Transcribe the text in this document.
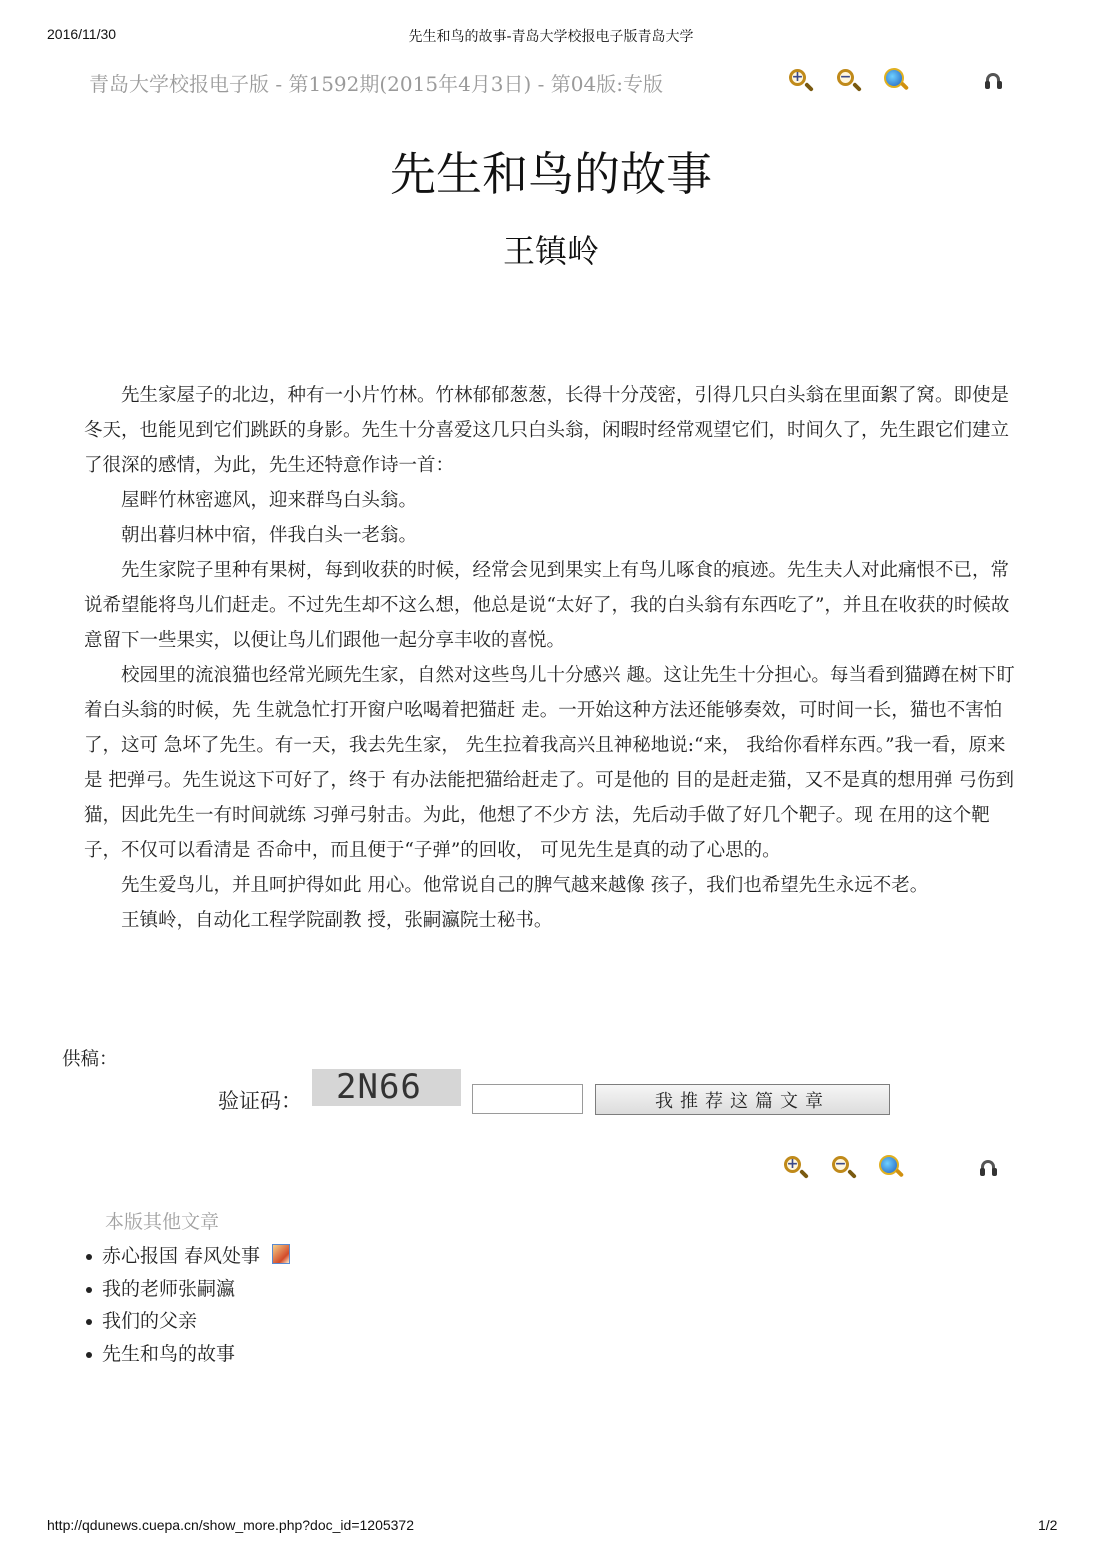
2016/11/30	先生和鸟的故事-青岛大学校报电子版青岛大学
青岛大学校报电子版 - 第1592期(2015年4月3日) - 第04版:专版	+	−
先生和鸟的故事
王镇岭

先生家屋子的北边，种有一小片竹林。竹林郁郁葱葱，长得十分茂密，引得几只白头翁在里面絮了窝。即使是冬天，也能见到它们跳跃的身影。先生十分喜爱这几只白头翁，闲暇时经常观望它们，时间久了，先生跟它们建立了很深的感情，为此，先生还特意作诗一首：

屋畔竹林密遮风，迎来群鸟白头翁。

朝出暮归林中宿，伴我白头一老翁。

先生家院子里种有果树，每到收获的时候，经常会见到果实上有鸟儿啄食的痕迹。先生夫人对此痛恨不已，常说希望能将鸟儿们赶走。不过先生却不这么想，他总是说“太好了，我的白头翁有东西吃了”，并且在收获的时候故意留下一些果实，以便让鸟儿们跟他一起分享丰收的喜悦。

校园里的流浪猫也经常光顾先生家，自然对这些鸟儿十分感兴 趣。这让先生十分担心。每当看到猫蹲在树下盯着白头翁的时候，先 生就急忙打开窗户吆喝着把猫赶 走。一开始这种方法还能够奏效，可时间一长，猫也不害怕了，这可 急坏了先生。有一天，我去先生家， 先生拉着我高兴且神秘地说:“来， 我给你看样东西。”我一看，原来是 把弹弓。先生说这下可好了，终于 有办法能把猫给赶走了。可是他的 目的是赶走猫，又不是真的想用弹 弓伤到猫，因此先生一有时间就练 习弹弓射击。为此，他想了不少方 法，先后动手做了好几个靶子。现 在用的这个靶子，不仅可以看清是 否命中，而且便于“子弹”的回收， 可见先生是真的动了心思的。

先生爱鸟儿，并且呵护得如此 用心。他常说自己的脾气越来越像 孩子，我们也希望先生永远不老。

王镇岭，自动化工程学院副教 授，张嗣瀛院士秘书。

供稿：
验证码：	2N66	我推荐这篇文章
+	−
本版其他文章
赤心报国 春风处事
我的老师张嗣瀛
我们的父亲
先生和鸟的故事
http://qdunews.cuepa.cn/show_more.php?doc_id=1205372	1/2
